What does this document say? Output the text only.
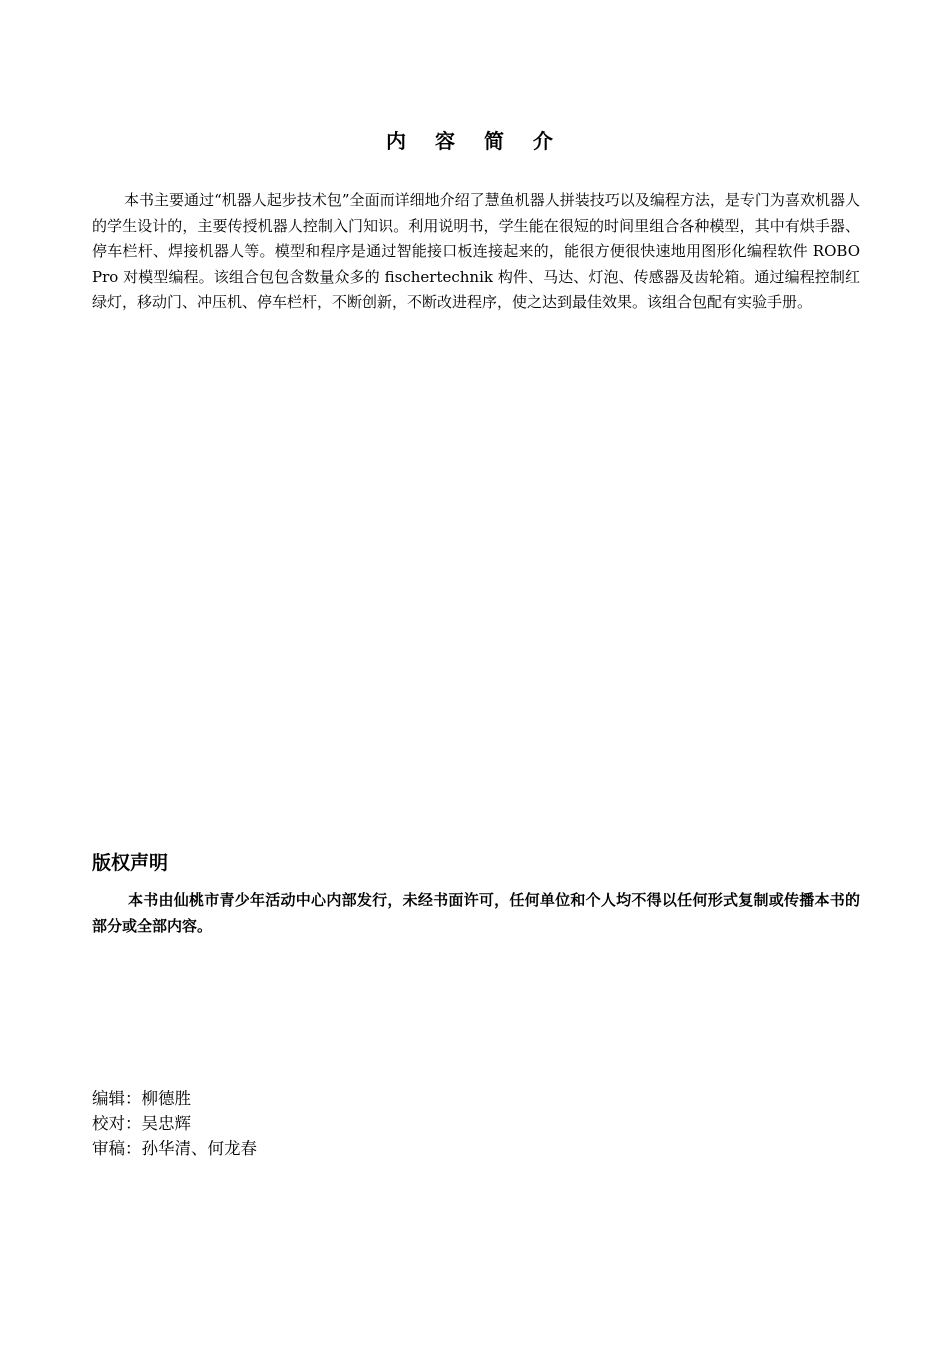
内 容 简 介

本书主要通过“机器人起步技术包”全面而详细地介绍了慧鱼机器人拼装技巧以及编程方法，是专门为喜欢机器人的学生设计的，主要传授机器人控制入门知识。利用说明书，学生能在很短的时间里组合各种模型，其中有烘手器、停车栏杆、焊接机器人等。模型和程序是通过智能接口板连接起来的，能很方便很快速地用图形化编程软件 ROBO Pro 对模型编程。该组合包包含数量众多的 fischertechnik 构件、马达、灯泡、传感器及齿轮箱。通过编程控制红绿灯，移动门、冲压机、停车栏杆，不断创新，不断改进程序，使之达到最佳效果。该组合包配有实验手册。

版权声明

本书由仙桃市青少年活动中心内部发行，未经书面许可，任何单位和个人均不得以任何形式复制或传播本书的部分或全部内容。

编辑：柳德胜
校对：吴忠辉
审稿：孙华清、何龙春
